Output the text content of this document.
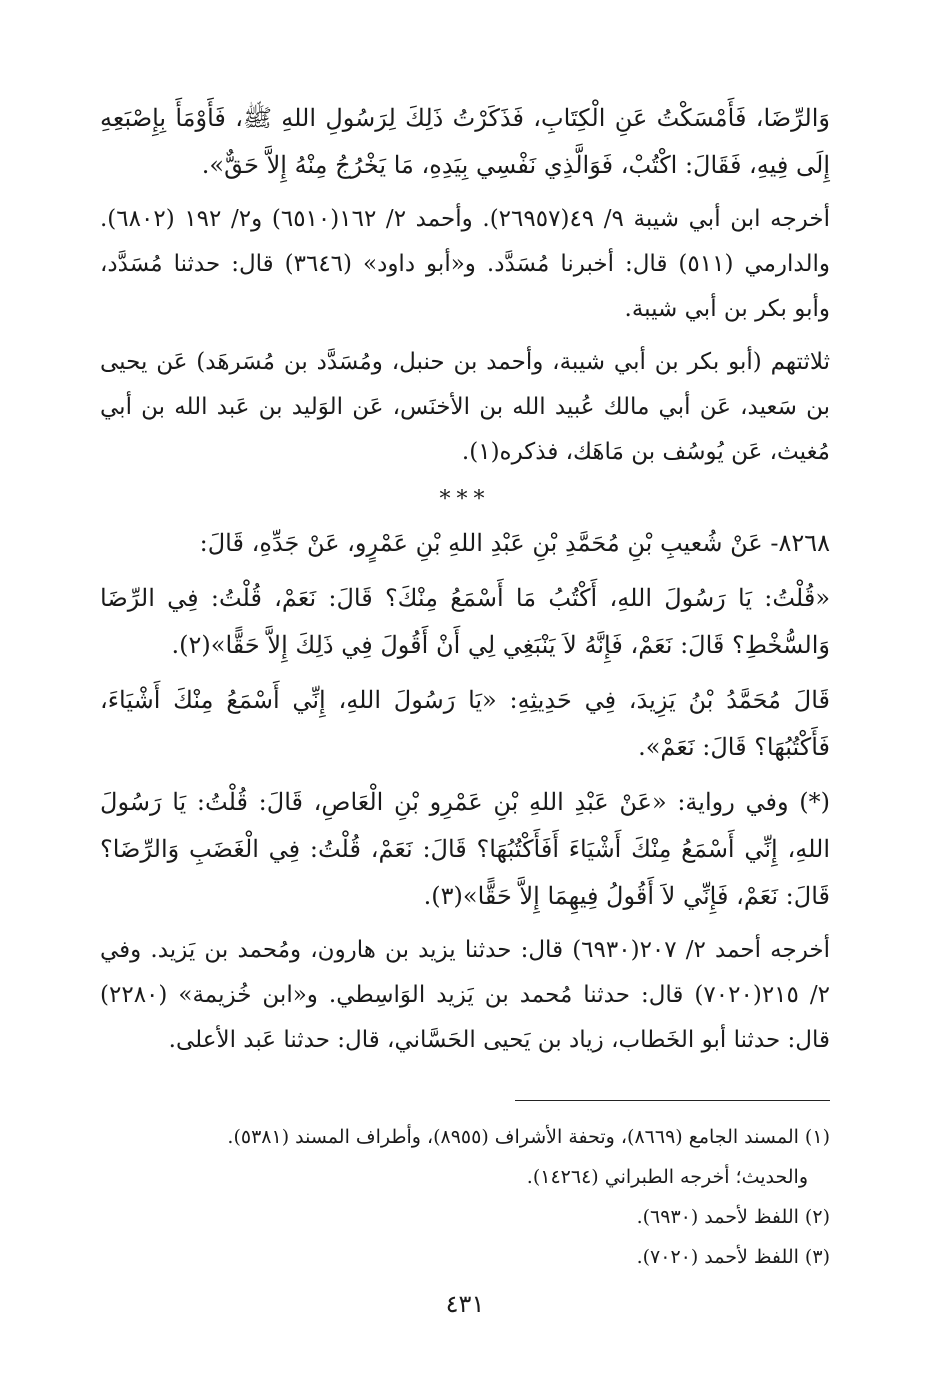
وَالرِّضَا، فَأَمْسَكْتُ عَنِ الْكِتَابِ، فَذَكَرْتُ ذَلِكَ لِرَسُولِ اللهِ ﷺ، فَأَوْمَأَ بِإِصْبَعِهِ إِلَى فِيهِ، فَقَالَ: اكْتُبْ، فَوَالَّذِي نَفْسِي بِيَدِهِ، مَا يَخْرُجُ مِنْهُ إِلاَّ حَقٌّ».

أخرجه ابن أبي شيبة ٩/ ٤٩(٢٦٩٥٧). وأحمد ٢/ ١٦٢(٦٥١٠) و٢/ ١٩٢ (٦٨٠٢). والدارمي (٥١١) قال: أخبرنا مُسَدَّد. و«أبو داود» (٣٦٤٦) قال: حدثنا مُسَدَّد، وأبو بكر بن أبي شيبة.

ثلاثتهم (أبو بكر بن أبي شيبة، وأحمد بن حنبل، ومُسَدَّد بن مُسَرهَد) عَن يحيى بن سَعيد، عَن أبي مالك عُبيد الله بن الأخنَس، عَن الوَليد بن عَبد الله بن أبي مُغيث، عَن يُوسُف بن مَاهَك، فذكره(١).

***

٨٢٦٨- عَنْ شُعيبِ بْنِ مُحَمَّدِ بْنِ عَبْدِ اللهِ بْنِ عَمْرٍو، عَنْ جَدِّهِ، قَالَ:

«قُلْتُ: يَا رَسُولَ اللهِ، أَكْتُبُ مَا أَسْمَعُ مِنْكَ؟ قَالَ: نَعَمْ، قُلْتُ: فِي الرِّضَا وَالسُّخْطِ؟ قَالَ: نَعَمْ، فَإِنَّهُ لاَ يَنْبَغِي لِي أَنْ أَقُولَ فِي ذَلِكَ إِلاَّ حَقًّا»(٢).

قَالَ مُحَمَّدُ بْنُ يَزِيدَ، فِي حَدِيثِهِ: «يَا رَسُولَ اللهِ، إِنِّي أَسْمَعُ مِنْكَ أَشْيَاءَ، فَأَكْتُبُهَا؟ قَالَ: نَعَمْ».

(*) وفي رواية: «عَنْ عَبْدِ اللهِ بْنِ عَمْرِو بْنِ الْعَاصِ، قَالَ: قُلْتُ: يَا رَسُولَ اللهِ، إِنِّي أَسْمَعُ مِنْكَ أَشْيَاءَ أَفَأَكْتُبُهَا؟ قَالَ: نَعَمْ، قُلْتُ: فِي الْغَضَبِ وَالرِّضَا؟ قَالَ: نَعَمْ، فَإِنِّي لاَ أَقُولُ فِيهِمَا إِلاَّ حَقًّا»(٣).

أخرجه أحمد ٢/ ٢٠٧(٦٩٣٠) قال: حدثنا يزيد بن هارون، ومُحمد بن يَزيد. وفي ٢/ ٢١٥(٧٠٢٠) قال: حدثنا مُحمد بن يَزيد الوَاسِطي. و«ابن خُزيمة» (٢٢٨٠) قال: حدثنا أبو الخَطاب، زياد بن يَحيى الحَسَّاني، قال: حدثنا عَبد الأعلى.

(١) المسند الجامع (٨٦٦٩)، وتحفة الأشراف (٨٩٥٥)، وأطراف المسند (٥٣٨١).
والحديث؛ أخرجه الطبراني (١٤٢٦٤).
(٢) اللفظ لأحمد (٦٩٣٠).
(٣) اللفظ لأحمد (٧٠٢٠).
٤٣١
